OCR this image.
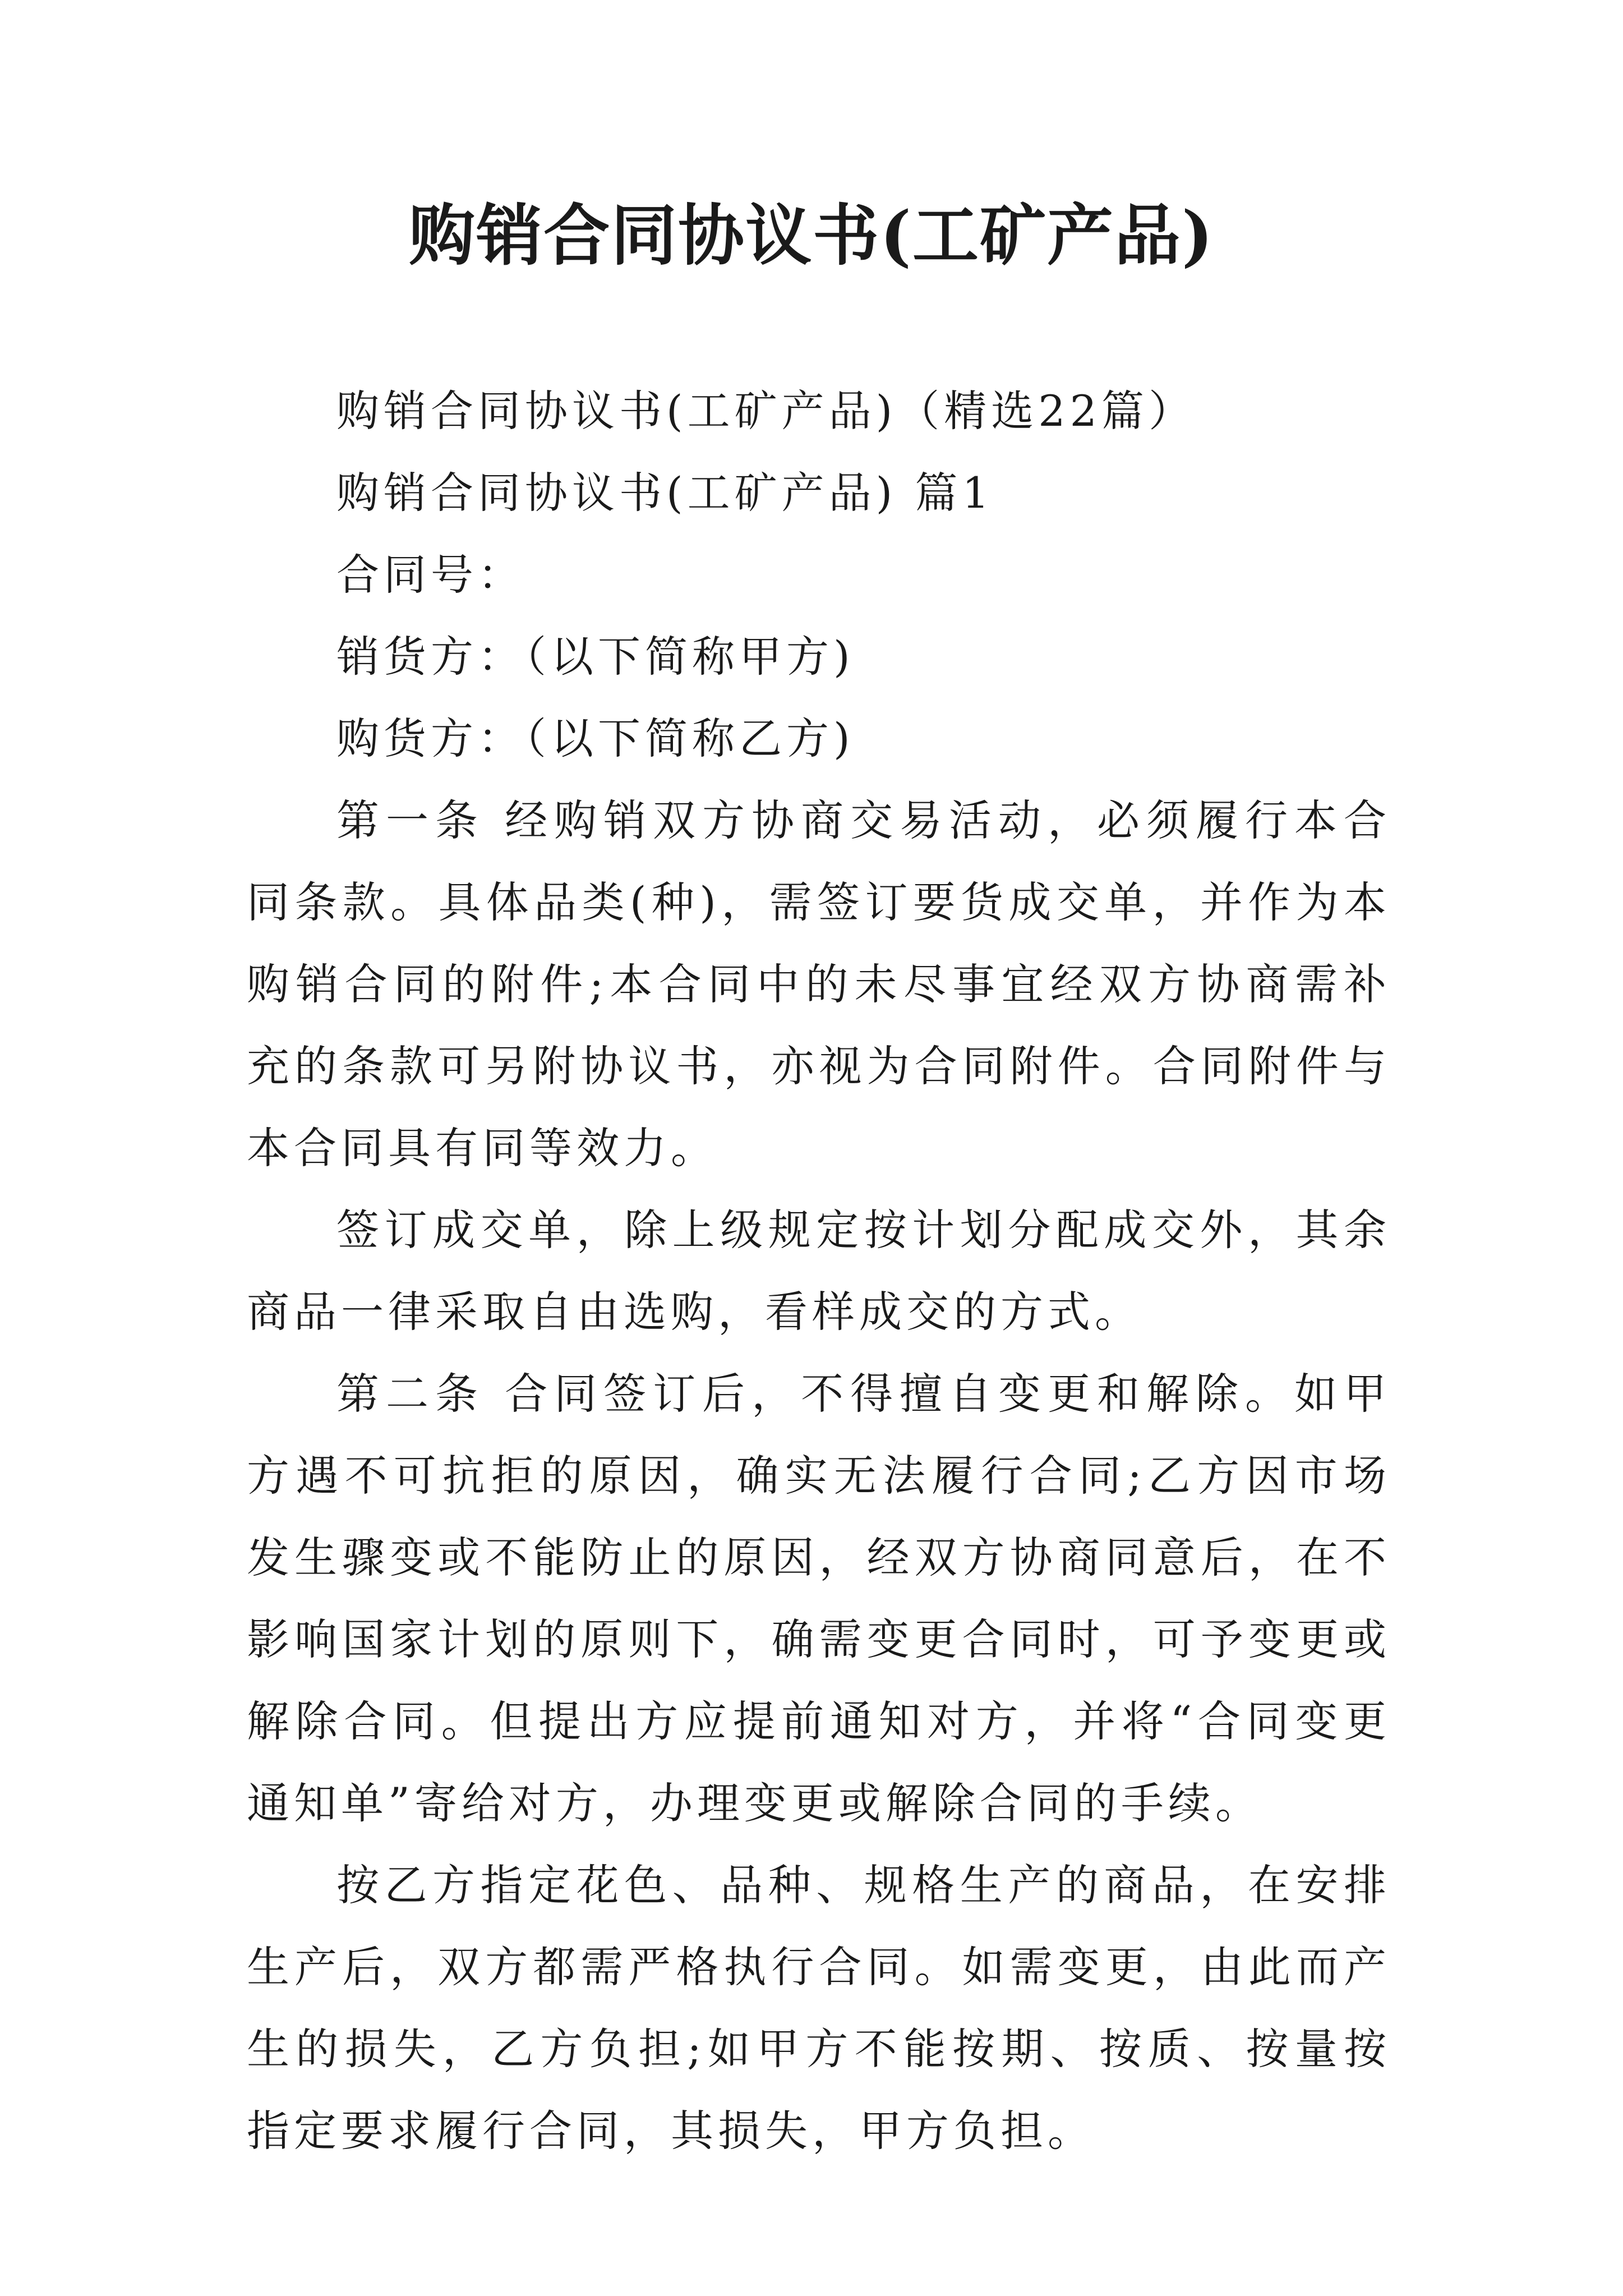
购销合同协议书(工矿产品)

购销合同协议书(工矿产品)（精选22篇）

购销合同协议书(工矿产品) 篇1

合同号：

销货方：（以下简称甲方)

购货方：（以下简称乙方)

第一条 经购销双方协商交易活动，必须履行本合同条款。具体品类(种)，需签订要货成交单，并作为本购销合同的附件;本合同中的未尽事宜经双方协商需补充的条款可另附协议书，亦视为合同附件。合同附件与本合同具有同等效力。

签订成交单，除上级规定按计划分配成交外，其余商品一律采取自由选购，看样成交的方式。

第二条 合同签订后，不得擅自变更和解除。如甲方遇不可抗拒的原因，确实无法履行合同;乙方因市场发生骤变或不能防止的原因，经双方协商同意后，在不影响国家计划的原则下，确需变更合同时，可予变更或解除合同。但提出方应提前通知对方，并将“合同变更通知单”寄给对方，办理变更或解除合同的手续。

按乙方指定花色、品种、规格生产的商品，在安排生产后，双方都需严格执行合同。如需变更，由此而产生的损失，乙方负担;如甲方不能按期、按质、按量按指定要求履行合同，其损失，甲方负担。
